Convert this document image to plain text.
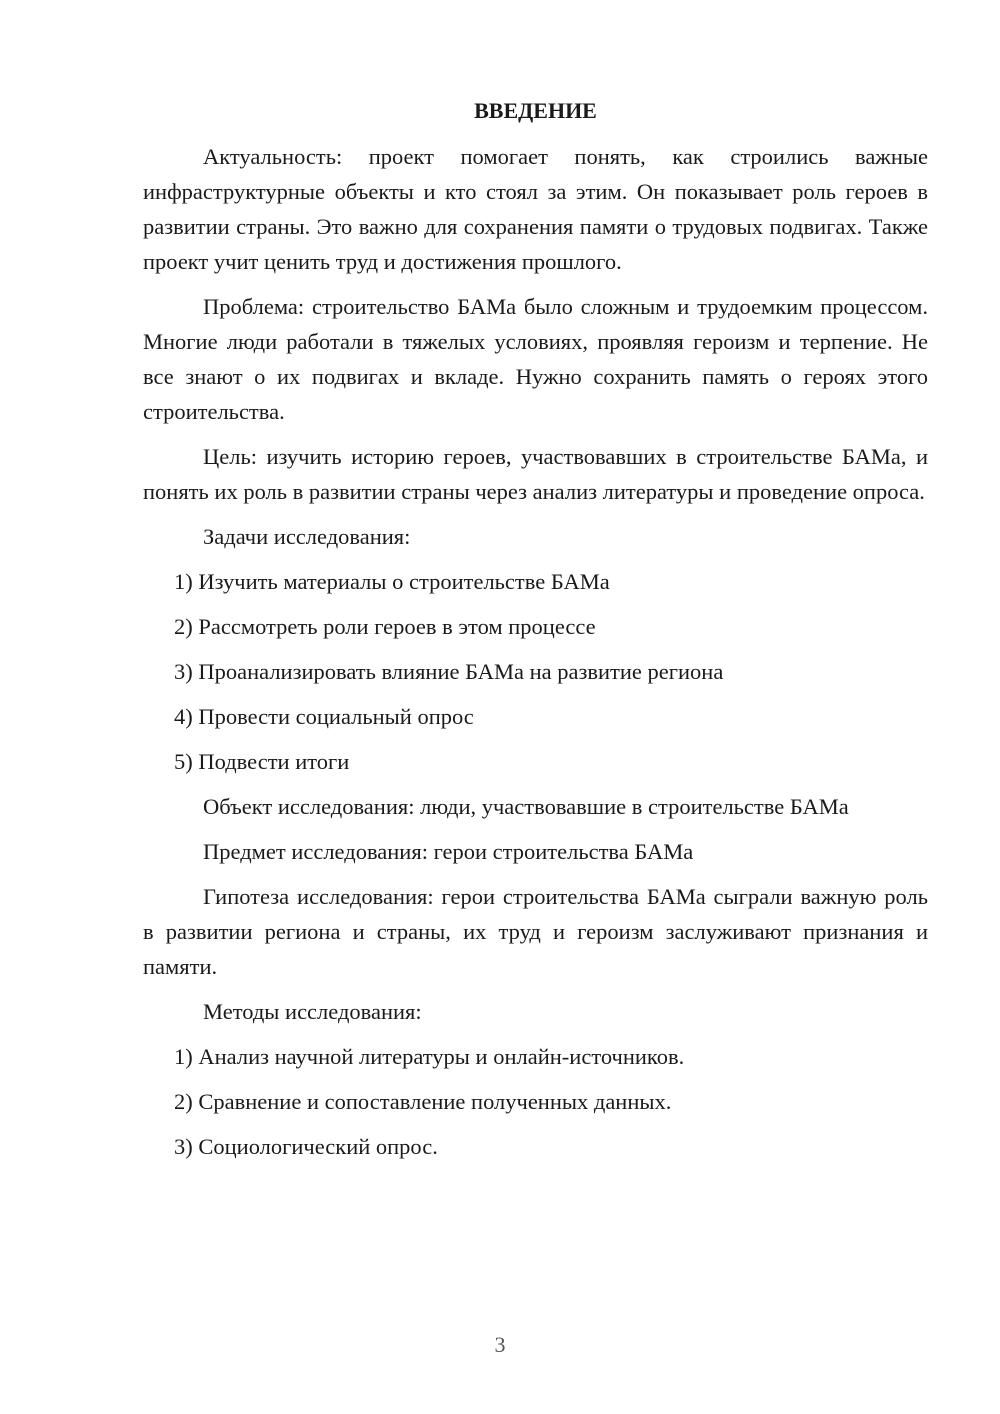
ВВЕДЕНИЕ

Актуальность: проект помогает понять, как строились важные инфраструктурные объекты и кто стоял за этим. Он показывает роль героев в развитии страны. Это важно для сохранения памяти о трудовых подвигах. Также проект учит ценить труд и достижения прошлого.

Проблема: строительство БАМа было сложным и трудоемким процессом. Многие люди работали в тяжелых условиях, проявляя героизм и терпение. Не все знают о их подвигах и вкладе. Нужно сохранить память о героях этого строительства.

Цель: изучить историю героев, участвовавших в строительстве БАМа, и понять их роль в развитии страны через анализ литературы и проведение опроса.

Задачи исследования:
1) Изучить материалы о строительстве БАМа
2) Рассмотреть роли героев в этом процессе
3) Проанализировать влияние БАМа на развитие региона
4) Провести социальный опрос
5) Подвести итоги
Объект исследования: люди, участвовавшие в строительстве БАМа
Предмет исследования: герои строительства БАМа

Гипотеза исследования: герои строительства БАМа сыграли важную роль в развитии региона и страны, их труд и героизм заслуживают признания и памяти.

Методы исследования:
1) Анализ научной литературы и онлайн-источников.
2) Сравнение и сопоставление полученных данных.
3) Социологический опрос.
3
